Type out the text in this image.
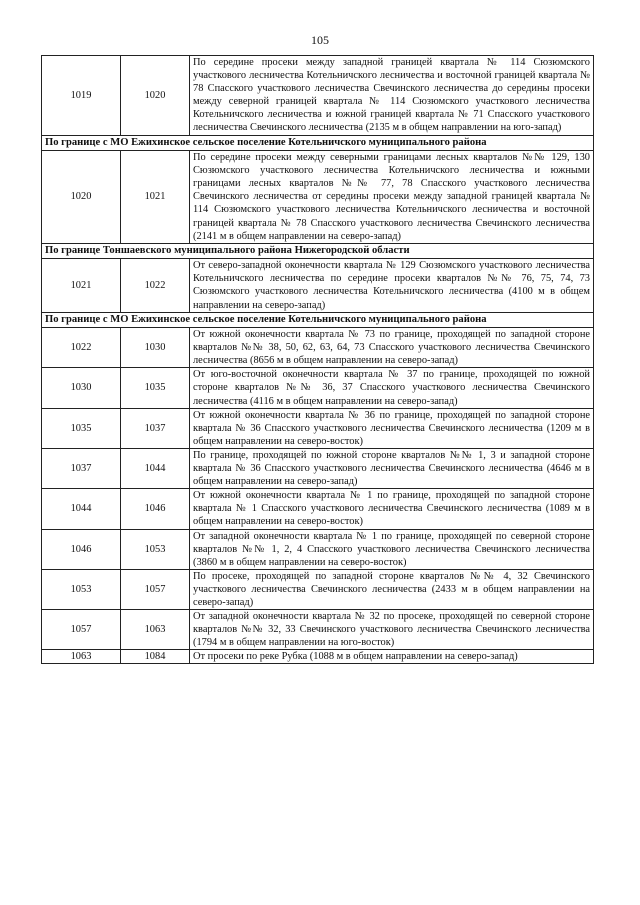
105
1019	1020	По середине просеки между западной границей квартала № 114 Сюзюмского участкового лесничества Котельничского лесничества и восточной границей квартала № 78 Спасского участкового лесничества Свечинского лесничества до середины просеки между северной границей квартала № 114 Сюзюмского участкового лесничества Котельничского лесничества и южной границей квартала № 71 Спасского участкового лесничества Свечинского лесничества (2135 м в общем направлении на юго-запад)
По границе с МО Ежихинское сельское поселение Котельничского муниципального района		
1020	1021	По середине просеки между северными границами лесных кварталов №№ 129, 130 Сюзюмского участкового лесничества Котельничского лесничества и южными границами лесных кварталов №№ 77, 78 Спасского участкового лесничества Свечинского лесничества от середины просеки между западной границей квартала № 114 Сюзюмского участкового лесничества Котельничского лесничества и восточной границей квартала № 78 Спасского участкового лесничества Свечинского лесничества (2141 м в общем направлении на северо-запад)
По границе Тоншаевского муниципального района Нижегородской области		
1021	1022	От северо-западной оконечности квартала № 129 Сюзюмского участкового лесничества Котельничского лесничества по середине просеки кварталов №№ 76, 75, 74, 73 Сюзюмского участкового лесничества Котельничского лесничества (4100 м в общем направлении на северо-запад)
По границе с МО Ежихинское сельское поселение Котельничского муниципального района		
1022	1030	От южной оконечности квартала № 73 по границе, проходящей по западной стороне кварталов №№ 38, 50, 62, 63, 64, 73 Спасского участкового лесничества Свечинского лесничества (8656 м в общем направлении на северо-запад)
1030	1035	От юго-восточной оконечности квартала № 37 по границе, проходящей по южной стороне кварталов №№ 36, 37 Спасского участкового лесничества Свечинского лесничества (4116 м в общем направлении на северо-запад)
1035	1037	От южной оконечности квартала № 36 по границе, проходящей по западной стороне квартала № 36 Спасского участкового лесничества Свечинского лесничества (1209 м в общем направлении на северо-восток)
1037	1044	По границе, проходящей по южной стороне кварталов №№ 1, 3 и западной стороне квартала № 36 Спасского участкового лесничества Свечинского лесничества (4646 м в общем направлении на северо-запад)
1044	1046	От южной оконечности квартала № 1 по границе, проходящей по западной стороне квартала № 1 Спасского участкового лесничества Свечинского лесничества (1089 м в общем направлении на северо-восток)
1046	1053	От западной оконечности квартала № 1 по границе, проходящей по северной стороне кварталов №№ 1, 2, 4 Спасского участкового лесничества Свечинского лесничества (3860 м в общем направлении на северо-восток)
1053	1057	По просеке, проходящей по западной стороне кварталов №№ 4, 32 Свечинского участкового лесничества Свечинского лесничества (2433 м в общем направлении на северо-запад)
1057	1063	От западной оконечности квартала № 32 по просеке, проходящей по северной стороне кварталов №№ 32, 33 Свечинского участкового лесничества Свечинского лесничества (1794 м в общем направлении на юго-восток)
1063	1084	От просеки по реке Рубка (1088 м в общем направлении на северо-запад)
